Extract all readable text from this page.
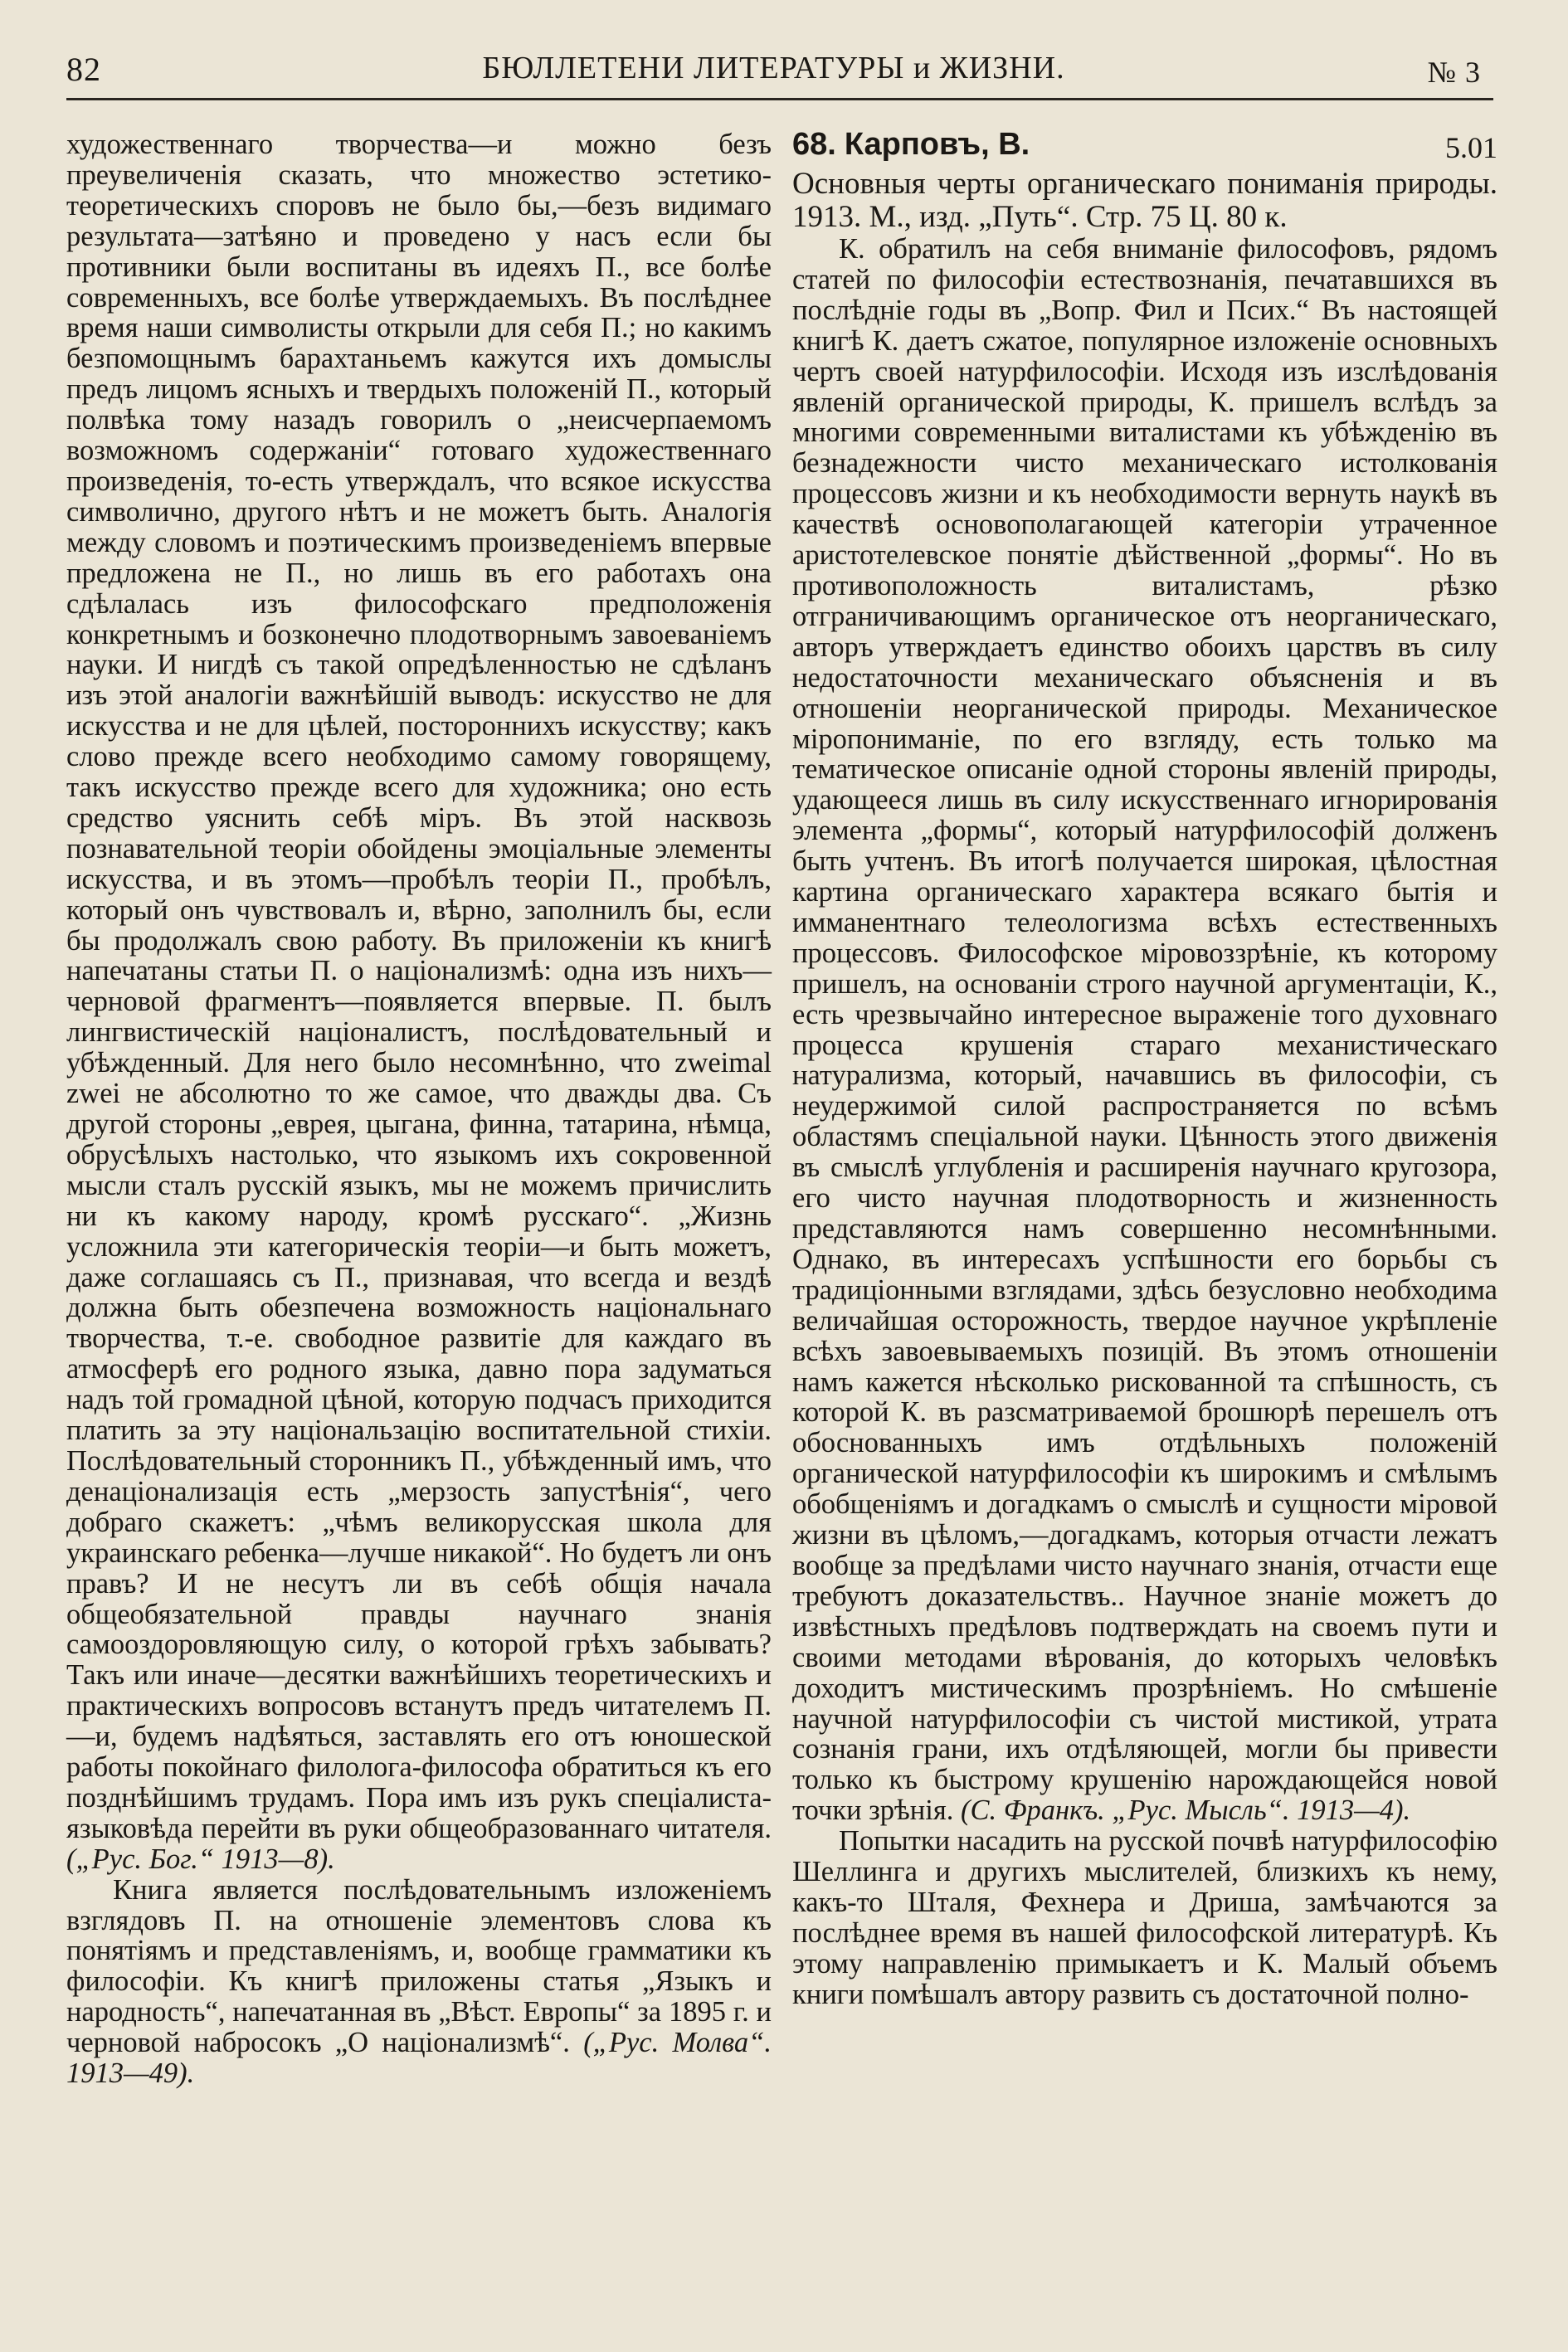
82	БЮЛЛЕТЕНИ ЛИТЕРАТУРЫ и ЖИЗНИ.	№ 3

художественнаго творчества—и можно безъ преувеличенія сказать, что множество эстетико-теоретическихъ споровъ не было бы,—безъ видимаго результата—затѣяно и проведено у насъ если бы противники были воспитаны въ идеяхъ П., все болѣе современныхъ, все болѣе утверждаемыхъ. Въ послѣднее время наши символисты открыли для себя П.; но какимъ безпомощнымъ барахтаньемъ кажутся ихъ домыслы предъ лицомъ ясныхъ и твердыхъ положеній П., который полвѣка тому назадъ говорилъ о „неисчерпаемомъ возможномъ содержаніи“ готоваго художественнаго произведенія, то-есть утверждалъ, что всякое искусства символично, другого нѣтъ и не можетъ быть. Аналогія между словомъ и поэтическимъ произведеніемъ впервые предложена не П., но лишь въ его работахъ она сдѣлалась изъ философскаго предположенія конкретнымъ и бозконечно плодотворнымъ завоеваніемъ науки. И нигдѣ съ такой опредѣленностью не сдѣланъ изъ этой аналогіи важнѣйшій выводъ: искусство не для искусства и не для цѣлей, постороннихъ искусству; какъ слово прежде всего необходимо самому говорящему, такъ искусство прежде всего для художника; оно есть средство уяснить себѣ міръ. Въ этой насквозь познавательной теоріи обойдены эмоціальные элементы искусства, и въ этомъ—пробѣлъ теоріи П., пробѣлъ, который онъ чувствовалъ и, вѣрно, заполнилъ бы, если бы продолжалъ свою работу. Въ приложеніи къ книгѣ напечатаны статьи П. о націонализмѣ: одна изъ нихъ—черновой фрагментъ—появляется впервые. П. былъ лингвистическій націоналистъ, послѣдовательный и убѣжденный. Для него было несомнѣнно, что zweimal zwei не абсолютно то же самое, что дважды два. Съ другой стороны „еврея, цыгана, финна, татарина, нѣмца, обрусѣлыхъ настолько, что языкомъ ихъ сокровенной мысли сталъ русскій языкъ, мы не можемъ причислить ни къ какому народу, кромѣ русскаго“. „Жизнь усложнила эти категорическія теоріи—и быть можетъ, даже соглашаясь съ П., признавая, что всегда и вездѣ должна быть обезпечена возможность національнаго творчества, т.-е. свободное развитіе для каждаго въ атмосферѣ его родного языка, давно пора задуматься надъ той громадной цѣной, которую подчасъ приходится платить за эту національзацію воспитательной стихіи. Послѣдовательный сторонникъ П., убѣжденный имъ, что денаціонализація есть „мерзость запустѣнія“, чего добраго скажетъ: „чѣмъ великорусская школа для украинскаго ребенка—лучше никакой“. Но будетъ ли онъ правъ? И не несутъ ли въ себѣ общія начала общеобязательной правды научнаго знанія самооздоровляющую силу, о которой грѣхъ забывать? Такъ или иначе—десятки важнѣйшихъ теоретическихъ и практическихъ вопросовъ встанутъ предъ читателемъ П.—и, будемъ надѣяться, заставлять его отъ юношеской работы покойнаго филолога-философа обратиться къ его позднѣйшимъ трудамъ. Пора имъ изъ рукъ спеціалиста-языковѣда перейти въ руки общеобразованнаго читателя. („Рус. Бог.“ 1913—8).

Книга является послѣдовательнымъ изложеніемъ взглядовъ П. на отношеніе элементовъ слова къ понятіямъ и представленіямъ, и, вообще грамматики къ философіи. Къ книгѣ приложены статья „Языкъ и народность“, напечатанная въ „Вѣст. Европы“ за 1895 г. и черновой набросокъ „О націонализмѣ“. („Рус. Молва“. 1913—49).

68. Карповъ, В.	5.01

Основныя черты органическаго пониманія природы. 1913. М., изд. „Путь“. Стр. 75 Ц. 80 к.

К. обратилъ на себя вниманіе философовъ, рядомъ статей по философіи естествознанія, печатавшихся въ послѣдніе годы въ „Вопр. Фил и Псих.“ Въ настоящей книгѣ К. даетъ сжатое, популярное изложеніе основныхъ чертъ своей натурфилософіи. Исходя изъ изслѣдованія явленій органической природы, К. пришелъ вслѣдъ за многими современными виталистами къ убѣжденію въ безнадежности чисто механическаго истолкованія процессовъ жизни и къ необходимости вернуть наукѣ въ качествѣ основополагающей категоріи утраченное аристотелевское понятіе дѣйственной „формы“. Но въ противоположность виталистамъ, рѣзко отграничивающимъ органическое отъ неорганическаго, авторъ утверждаетъ единство обоихъ царствъ въ силу недостаточности механическаго объясненія и въ отношеніи неорганической природы. Механическое міропониманіе, по его взгляду, есть только ма тематическое описаніе одной стороны явленій природы, удающееся лишь въ силу искусственнаго игнорированія элемента „формы“, который натурфилософій долженъ быть учтенъ. Въ итогѣ получается широкая, цѣлостная картина органическаго характера всякаго бытія и имманентнаго телеологизма всѣхъ естественныхъ процессовъ. Философское міровоззрѣніе, къ которому пришелъ, на основаніи строго научной аргументаціи, К., есть чрезвычайно интересное выраженіе того духовнаго процесса крушенія стараго механистическаго натурализма, который, начавшись въ философіи, съ неудержимой силой распространяется по всѣмъ областямъ спеціальной науки. Цѣнность этого движенія въ смыслѣ углубленія и расширенія научнаго кругозора, его чисто научная плодотворность и жизненность представляются намъ совершенно несомнѣнными. Однако, въ интересахъ успѣшности его борьбы съ традиціонными взглядами, здѣсь безусловно необходима величайшая осторожность, твердое научное укрѣпленіе всѣхъ завоевываемыхъ позицій. Въ этомъ отношеніи намъ кажется нѣсколько рискованной та спѣшность, съ которой К. въ разсматриваемой брошюрѣ перешелъ отъ обоснованныхъ имъ отдѣльныхъ положеній органической натурфилософіи къ широкимъ и смѣлымъ обобщеніямъ и догадкамъ о смыслѣ и сущности міровой жизни въ цѣломъ,—догадкамъ, которыя отчасти лежатъ вообще за предѣлами чисто научнаго знанія, отчасти еще требуютъ доказательствъ.. Научное знаніе можетъ до извѣстныхъ предѣловъ подтверждать на своемъ пути и своими методами вѣрованія, до которыхъ человѣкъ доходитъ мистическимъ прозрѣніемъ. Но смѣшеніе научной натурфилософіи съ чистой мистикой, утрата сознанія грани, ихъ отдѣляющей, могли бы привести только къ быстрому крушенію нарождающейся новой точки зрѣнія. (С. Франкъ. „Рус. Мысль“. 1913—4).

Попытки насадить на русской почвѣ натурфилософію Шеллинга и другихъ мыслителей, близкихъ къ нему, какъ-то Шталя, Фехнера и Дриша, замѣчаются за послѣднее время въ нашей философской литературѣ. Къ этому направленію примыкаетъ и К. Малый объемъ книги помѣшалъ автору развить съ достаточной полно-
